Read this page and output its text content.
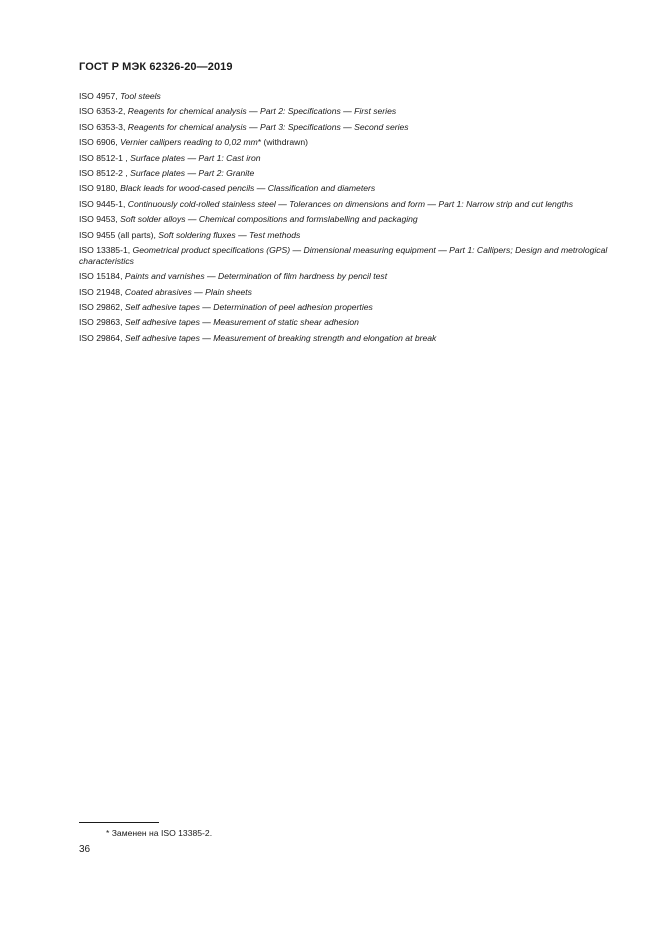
ГОСТ Р МЭК 62326-20—2019
ISO 4957, Tool steels
ISO 6353-2, Reagents for chemical analysis — Part 2: Specifications — First series
ISO 6353-3, Reagents for chemical analysis — Part 3: Specifications — Second series
ISO 6906, Vernier callipers reading to 0,02 mm* (withdrawn)
ISO 8512-1 , Surface plates — Part 1: Cast iron
ISO 8512-2 , Surface plates — Part 2: Granite
ISO 9180, Black leads for wood-cased pencils — Classification and diameters
ISO 9445-1, Continuously cold-rolled stainless steel — Tolerances on dimensions and form — Part 1: Narrow strip and cut lengths
ISO 9453, Soft solder alloys — Chemical compositions and formslabelling and packaging
ISO 9455 (all parts), Soft soldering fluxes — Test methods
ISO 13385-1, Geometrical product specifications (GPS) — Dimensional measuring equipment — Part 1: Callipers; Design and metrological characteristics
ISO 15184, Paints and varnishes — Determination of film hardness by pencil test
ISO 21948, Coated abrasives — Plain sheets
ISO 29862, Self adhesive tapes — Determination of peel adhesion properties
ISO 29863, Self adhesive tapes — Measurement of static shear adhesion
ISO 29864, Self adhesive tapes — Measurement of breaking strength and elongation at break
* Заменен на ISO 13385-2.
36
